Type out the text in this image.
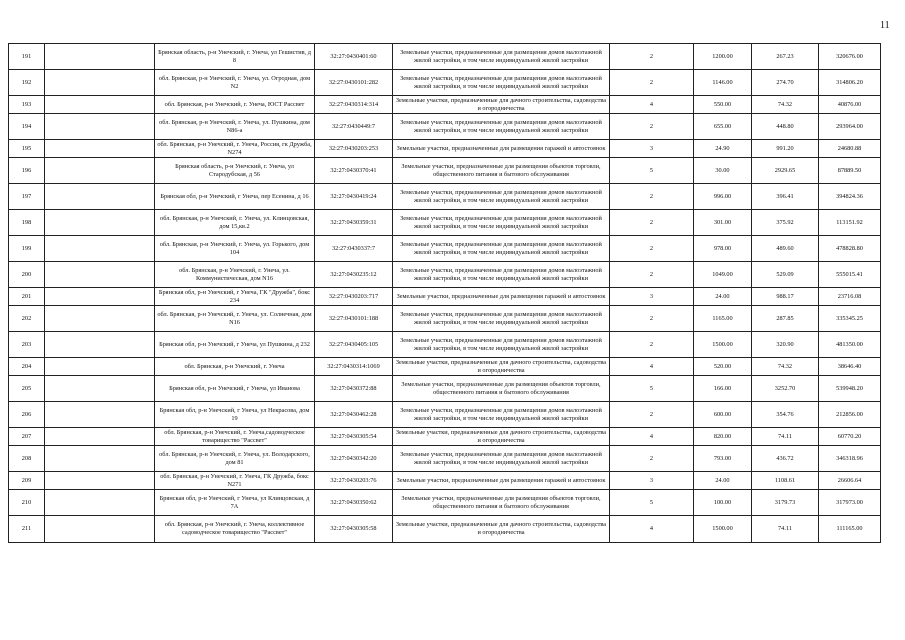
11
191		Брянская область, р-н Унечский, г. Унеча, ул Гешистив, д 8	32:27:0430401:60	Земельные участки, предназначенные для размещения домов малоэтажной жилой застройки, в том числе индивидуальной жилой застройки	2	1200.00	267.23	320676.00
192		обл. Брянская, р-н Унечский, г. Унеча, ул. Огродная, дом N2	32:27:0430101:282	Земельные участки, предназначенные для размещения домов малоэтажной жилой застройки, в том числе индивидуальной жилой застройки	2	1146.00	274.70	314806.20
193		обл. Брянская, р-н Унечский, г. Унеча, ЮСТ Рассвет	32:27:0430314:314	Земельные участки, предназначенные для дачного строительства, садоводства и огородничества	4	550.00	74.32	40876.00
194		обл. Брянская, р-н Унечский, г. Унеча, ул. Пушкина, дом N86-а	32:27:0430449:7	Земельные участки, предназначенные для размещения домов малоэтажной жилой застройки, в том числе индивидуальной жилой застройки	2	655.00	448.80	293964.00
195		обл. Брянская, р-н Унечский, г. Унеча, Россия, гк Дружба, N274	32:27:0430203:253	Земельные участки, предназначенные для размещения гаражей и автостоянок	3	24.90	991.20	24680.88
196		Брянская область, р-н Унечский, г. Унеча, ул Стародубская, д 56	32:27:0430370:41	Земельные участки, предназначенные для размещения объектов торговли, общественного питания и бытового обслуживания	5	30.00	2929.65	87889.50
197		Брянская обл, р-н Унечский, г Унеча, пер Есенина, д 16	32:27:0430419:24	Земельные участки, предназначенные для размещения домов малоэтажной жилой застройки, в том числе индивидуальной жилой застройки	2	996.00	396.41	394824.36
198		обл. Брянская, р-н Унечский, г. Унеча, ул. Клинцовская, дом 15,кв.2	32:27:0430359:31	Земельные участки, предназначенные для размещения домов малоэтажной жилой застройки, в том числе индивидуальной жилой застройки	2	301.00	375.92	113151.92
199		обл. Брянская, р-н Унечский, г. Унеча, ул. Горького, дом 104	32:27:0430337:7	Земельные участки, предназначенные для размещения домов малоэтажной жилой застройки, в том числе индивидуальной жилой застройки	2	978.00	489.60	478828.80
200		обл. Брянская, р-н Унечский, г. Унеча, ул. Коммунистическая, дом N16	32:27:0430235:12	Земельные участки, предназначенные для размещения домов малоэтажной жилой застройки, в том числе индивидуальной жилой застройки	2	1049.00	529.09	555015.41
201		Брянская обл, р-н Унечский, г Унеча, ГК "Дружба", бокс 234	32:27:0430203:717	Земельные участки, предназначенные для размещения гаражей и автостоянок	3	24.00	988.17	23716.08
202		обл. Брянская, р-н Унечский, г. Унеча, ул. Солнечная, дом N16	32:27:0430101:188	Земельные участки, предназначенные для размещения домов малоэтажной жилой застройки, в том числе индивидуальной жилой застройки	2	1165.00	287.85	335345.25
203		Брянская обл, р-н Унечский, г Унеча, ул Пушкина, д 232	32:27:0430405:105	Земельные участки, предназначенные для размещения домов малоэтажной жилой застройки, в том числе индивидуальной жилой застройки	2	1500.00	320.90	481350.00
204		обл. Брянская, р-н Унечский, г. Унеча	32:27:0430314:1069	Земельные участки, предназначенные для дачного строительства, садоводства и огородничества	4	520.00	74.32	38646.40
205		Брянская обл, р-н Унечский, г Унеча, ул Иванова	32:27:0430372:88	Земельные участки, предназначенные для размещения объектов торговли, общественного питания и бытового обслуживания	5	166.00	3252.70	539948.20
206		Брянская обл, р-н Унечский, г Унеча, ул Некрасова, дом 19	32:27:0430462:28	Земельные участки, предназначенные для размещения домов малоэтажной жилой застройки, в том числе индивидуальной жилой застройки	2	600.00	354.76	212856.00
207		обл. Брянская, р-н Унечский, г. Унеча,садоводческое товарищество "Рассвет"	32:27:0430305:54	Земельные участки, предназначенные для дачного строительства, садоводства и огородничества	4	820.00	74.11	60770.20
208		обл. Брянская, р-н Унечский, г. Унеча, ул. Володарского, дом 81	32:27:0430342:20	Земельные участки, предназначенные для размещения домов малоэтажной жилой застройки, в том числе индивидуальной жилой застройки	2	793.00	436.72	346318.96
209		обл. Брянская, р-н Унечский, г. Унеча, ГК Дружба, бокс N271	32:27:0430203:76	Земельные участки, предназначенные для размещения гаражей и автостоянок	3	24.00	1108.61	26606.64
210		Брянская обл, р-н Унечский, г Унеча, ул Клинцовская, д 7А	32:27:0430350:62	Земельные участки, предназначенные для размещения объектов торговли, общественного питания и бытового обслуживания	5	100.00	3179.73	317973.00
211		обл. Брянская, р-н Унечский, г. Унеча, коллективное садоводческое товарищество "Рассвет"	32:27:0430305:58	Земельные участки, предназначенные для дачного строительства, садоводства и огородничества	4	1500.00	74.11	111165.00
